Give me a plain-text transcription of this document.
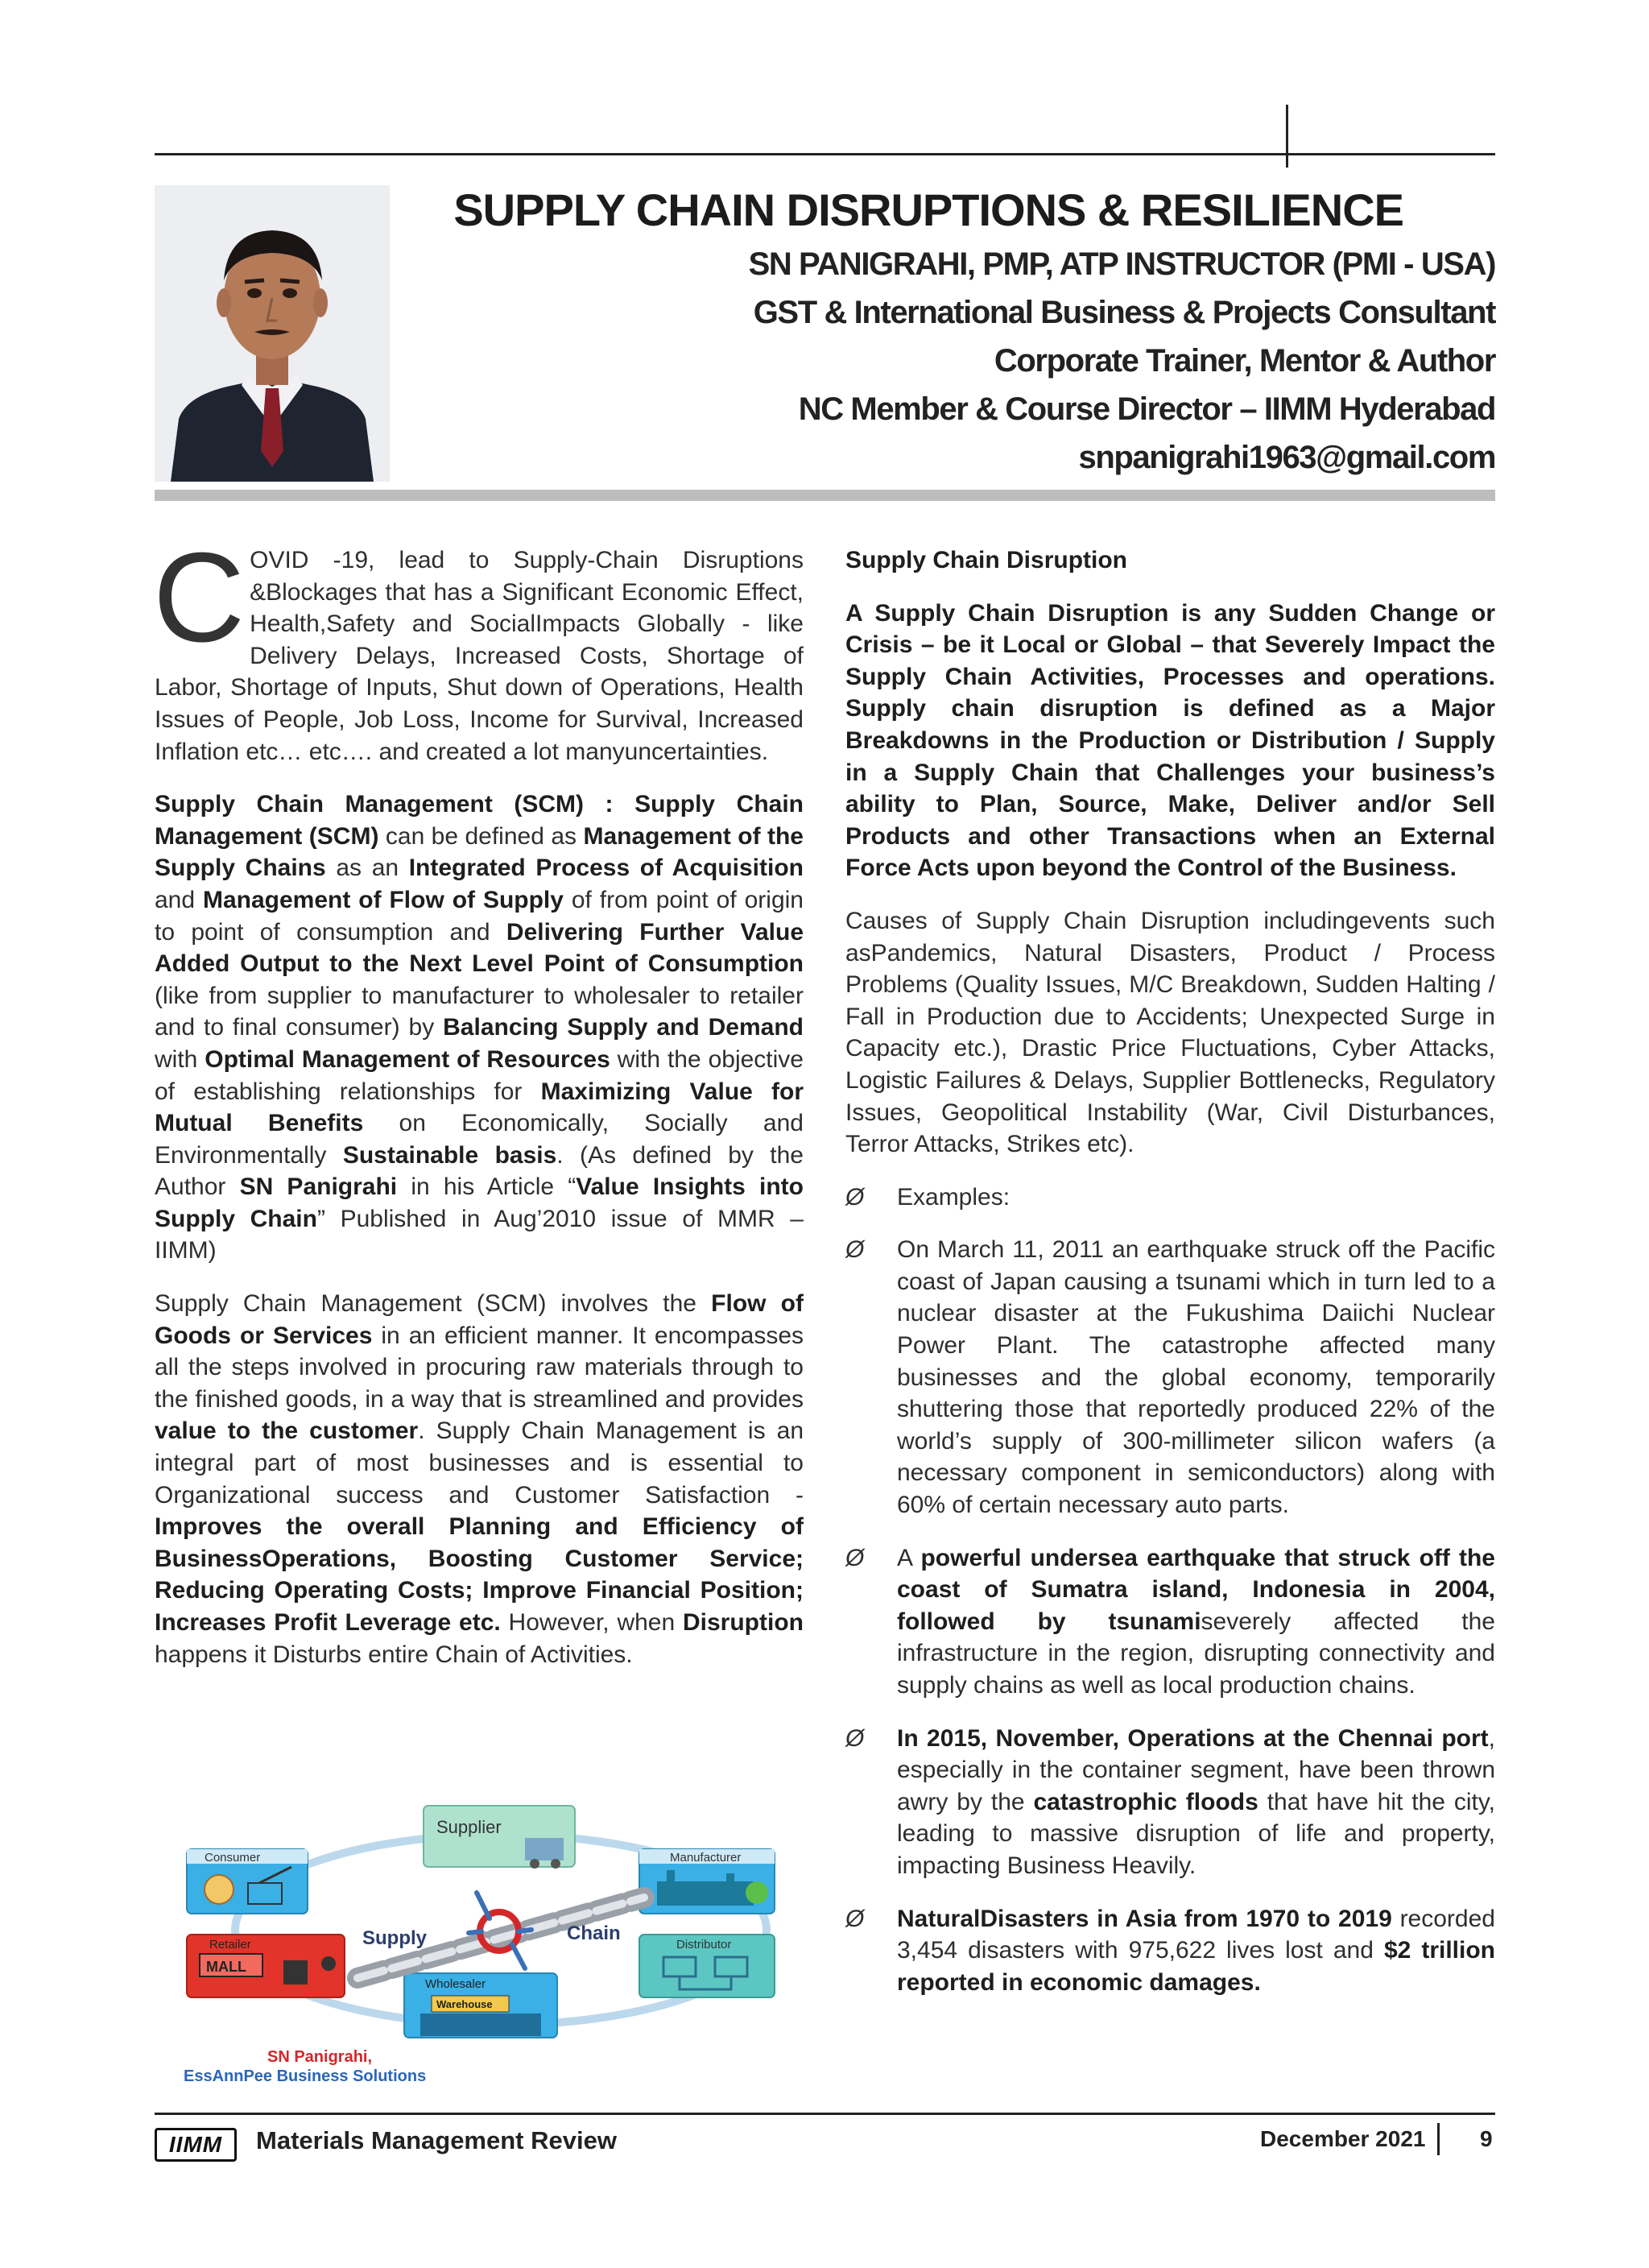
SUPPLY CHAIN DISRUPTIONS & RESILIENCE
SN PANIGRAHI, PMP, ATP INSTRUCTOR (PMI - USA)
GST & International Business & Projects Consultant
Corporate Trainer, Mentor & Author
NC Member & Course Director – IIMM Hyderabad
snpanigrahi1963@gmail.com

COVID -19, lead to Supply-Chain Disruptions &Blockages that has a Significant Economic Effect, Health,Safety and SocialImpacts Globally - like Delivery Delays, Increased Costs, Shortage of Labor, Shortage of Inputs, Shut down of Operations, Health Issues of People, Job Loss, Income for Survival, Increased Inflation etc… etc…. and created a lot manyuncertainties.

Supply Chain Management (SCM) : Supply Chain Management (SCM) can be defined as Management of the Supply Chains as an Integrated Process of Acquisition and Management of Flow of Supply of from point of origin to point of consumption and Delivering Further Value Added Output to the Next Level Point of Consumption (like from supplier to manufacturer to wholesaler to retailer and to final consumer) by Balancing Supply and Demand with Optimal Management of Resources with the objective of establishing relationships for Maximizing Value for Mutual Benefits on Economically, Socially and Environmentally Sustainable basis. (As defined by the Author SN Panigrahi in his Article “Value Insights into Supply Chain” Published in Aug’2010 issue of MMR – IIMM)

Supply Chain Management (SCM) involves the Flow of Goods or Services in an efficient manner. It encompasses all the steps involved in procuring raw materials through to the finished goods, in a way that is streamlined and provides value to the customer. Supply Chain Management is an integral part of most businesses and is essential to Organizational success and Customer Satisfaction - Improves the overall Planning and Efficiency of BusinessOperations, Boosting Customer Service; Reducing Operating Costs; Improve Financial Position; Increases Profit Leverage etc. However, when Disruption happens it Disturbs entire Chain of Activities.

Supplier
Consumer	Manufacturer
Retailer
MALL
Distributor
Wholesaler
Warehouse
Supply	Chain
SN Panigrahi,
EssAnnPee Business Solutions

Supply Chain Disruption

A Supply Chain Disruption is any Sudden Change or Crisis – be it Local or Global – that Severely Impact the Supply Chain Activities, Processes and operations. Supply chain disruption is defined as a Major Breakdowns in the Production or Distribution / Supply in a Supply Chain that Challenges your business’s ability to Plan, Source, Make, Deliver and/or Sell Products and other Transactions when an External Force Acts upon beyond the Control of the Business.

Causes of Supply Chain Disruption includingevents such asPandemics, Natural Disasters, Product / Process Problems (Quality Issues, M/C Breakdown, Sudden Halting / Fall in Production due to Accidents; Unexpected Surge in Capacity etc.), Drastic Price Fluctuations, Cyber Attacks, Logistic Failures & Delays, Supplier Bottlenecks, Regulatory Issues, Geopolitical Instability (War, Civil Disturbances, Terror Attacks, Strikes etc).

Ø Examples:
Ø On March 11, 2011 an earthquake struck off the Pacific coast of Japan causing a tsunami which in turn led to a nuclear disaster at the Fukushima Daiichi Nuclear Power Plant. The catastrophe affected many businesses and the global economy, temporarily shuttering those that reportedly produced 22% of the world’s supply of 300-millimeter silicon wafers (a necessary component in semiconductors) along with 60% of certain necessary auto parts.
Ø A powerful undersea earthquake that struck off the coast of Sumatra island, Indonesia in 2004, followed by tsunamiseverely affected the infrastructure in the region, disrupting connectivity and supply chains as well as local production chains.
Ø In 2015, November, Operations at the Chennai port, especially in the container segment, have been thrown awry by the catastrophic floods that have hit the city, leading to massive disruption of life and property, impacting Business Heavily.
Ø NaturalDisasters in Asia from 1970 to 2019 recorded 3,454 disasters with 975,622 lives lost and $2 trillion reported in economic damages.
IIMM	Materials Management Review	December 2021 9
